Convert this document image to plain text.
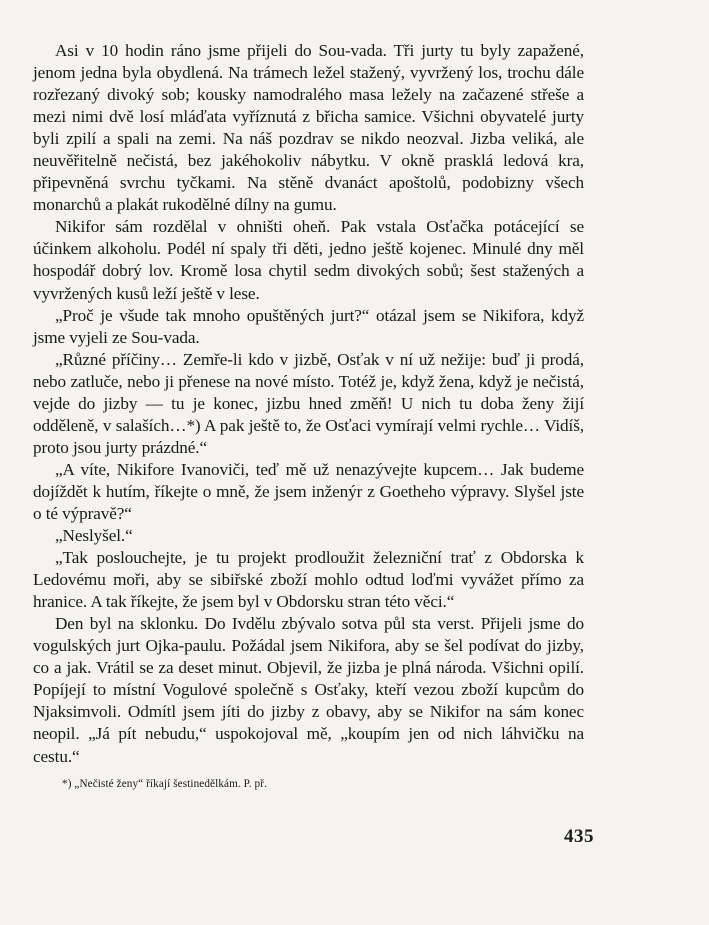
Asi v 10 hodin ráno jsme přijeli do Sou-vada. Tři jurty tu byly zapažené, jenom jedna byla obydlená. Na trámech ležel stažený, vyvržený los, trochu dále rozřezaný divoký sob; kousky namodralého masa ležely na začazené střeše a mezi nimi dvě losí mláďata vyříznutá z břicha samice. Všichni obyvatelé jurty byli zpilí a spali na zemi. Na náš pozdrav se nikdo neozval. Jizba veliká, ale neuvěřitelně nečistá, bez jakéhokoliv nábytku. V okně prasklá ledová kra, připevněná svrchu tyčkami. Na stěně dvanáct apoštolů, podobizny všech monarchů a plakát rukodělné dílny na gumu.

Nikifor sám rozdělal v ohništi oheň. Pak vstala Osťačka potácející se účinkem alkoholu. Podél ní spaly tři děti, jedno ještě kojenec. Minulé dny měl hospodář dobrý lov. Kromě losa chytil sedm divokých sobů; šest stažených a vyvržených kusů leží ještě v lese.

„Proč je všude tak mnoho opuštěných jurt?“ otázal jsem se Nikifora, když jsme vyjeli ze Sou-vada.

„Různé příčiny… Zemře-li kdo v jizbě, Osťak v ní už nežije: buď ji prodá, nebo zatluče, nebo ji přenese na nové místo. Totéž je, když žena, když je nečistá, vejde do jizby — tu je konec, jizbu hned změň! U nich tu doba ženy žijí odděleně, v salaších…*) A pak ještě to, že Osťaci vymírají velmi rychle… Vidíš, proto jsou jurty prázdné.“

„A víte, Nikifore Ivanoviči, teď mě už nenazývejte kupcem… Jak budeme dojíždět k hutím, říkejte o mně, že jsem inženýr z Goetheho výpravy. Slyšel jste o té výpravě?“

„Neslyšel.“

„Tak poslouchejte, je tu projekt prodloužit železniční trať z Obdorska k Ledovému moři, aby se sibiřské zboží mohlo odtud loďmi vyvážet přímo za hranice. A tak říkejte, že jsem byl v Obdorsku stran této věci.“

Den byl na sklonku. Do Ivdělu zbývalo sotva půl sta verst. Přijeli jsme do vogulských jurt Ojka-paulu. Požádal jsem Nikifora, aby se šel podívat do jizby, co a jak. Vrátil se za deset minut. Objevil, že jizba je plná národa. Všichni opilí. Popíjejí to místní Vogulové společně s Osťaky, kteří vezou zboží kupcům do Njaksimvoli. Odmítl jsem jíti do jizby z obavy, aby se Nikifor na sám konec neopil. „Já pít nebudu,“ uspokojoval mě, „koupím jen od nich láhvičku na cestu.“

*) „Nečisté ženy“ říkají šestinedělkám. P. př.

435
